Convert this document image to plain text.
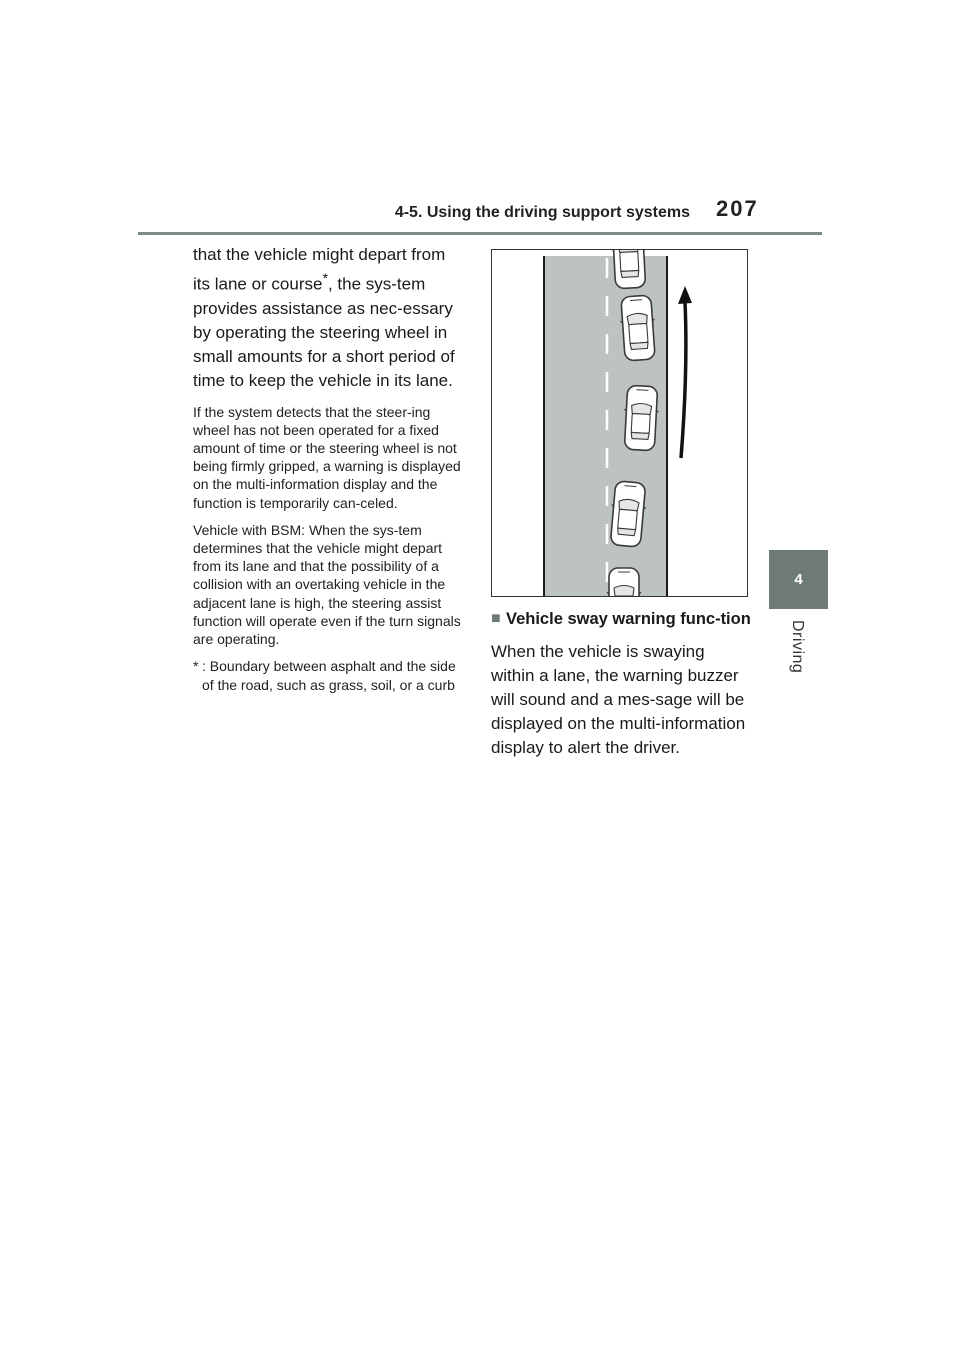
4-5. Using the driving support systems 207
4
Driving

that the vehicle might depart from its lane or course*, the sys-tem provides assistance as nec-essary by operating the steering wheel in small amounts for a short period of time to keep the vehicle in its lane.

If the system detects that the steer-ing wheel has not been operated for a fixed amount of time or the steering wheel is not being firmly gripped, a warning is displayed on the multi-information display and the function is temporarily can-celed.

Vehicle with BSM: When the sys-tem determines that the vehicle might depart from its lane and that the possibility of a collision with an overtaking vehicle in the adjacent lane is high, the steering assist function will operate even if the turn signals are operating.

* : Boundary between asphalt and the side of the road, such as grass, soil, or a curb
■ Vehicle sway warning func-tion

When the vehicle is swaying within a lane, the warning buzzer will sound and a mes-sage will be displayed on the multi-information display to alert the driver.
